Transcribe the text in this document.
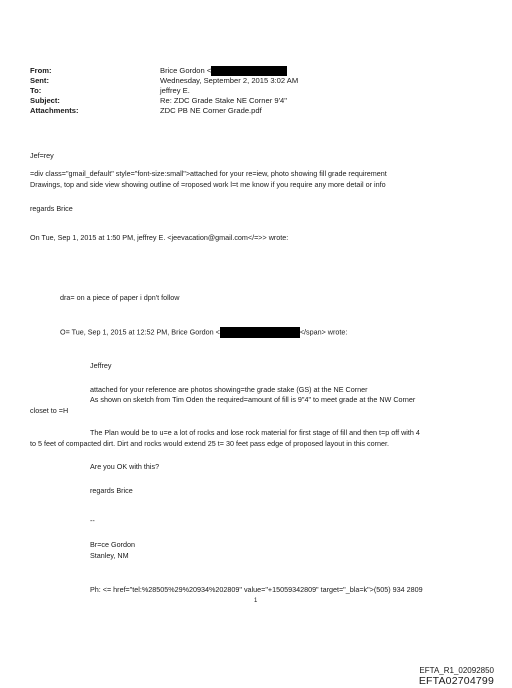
From:	Brice Gordon <
Sent:	Wednesday, September 2, 2015 3:02 AM
To:	jeffrey E.
Subject:	Re: ZDC Grade Stake NE Corner 9'4"
Attachments:	ZDC PB NE Corner Grade.pdf
Jef=rey
=div class="gmail_default" style="font-size:small">attached for your re=iew, photo showing fill grade requirement
Drawings, top and side view showing outline of =roposed work l=t me know if you require any more detail or info
regards Brice
On Tue, Sep 1, 2015 at 1:50 PM, jeffrey E. <jeevacation@gmail.com</=>> wrote:
dra= on a piece of paper i dpn't follow
O= Tue, Sep 1, 2015 at 12:52 PM, Brice Gordon <	</span> wrote:
Jeffrey
attached for your reference are photos showing=the grade stake (GS) at the NE Corner
As shown on sketch from Tim Oden the required=amount of fill is 9"4" to meet grade at the NW Corner
closet to =H
The Plan would be to u=e a lot of rocks and lose rock material for first stage of fill and then t=p off with 4
to 5 feet of compacted dirt. Dirt and rocks would extend 25 t= 30 feet pass edge of proposed layout in this corner.
Are you OK with this?
regards Brice
--
Br=ce Gordon
Stanley, NM
Ph: <= href="tel:%28505%29%20934%202809" value="+15059342809" target="_bla=k">(505) 934 2809
1
EFTA_R1_02092850
EFTA02704799
